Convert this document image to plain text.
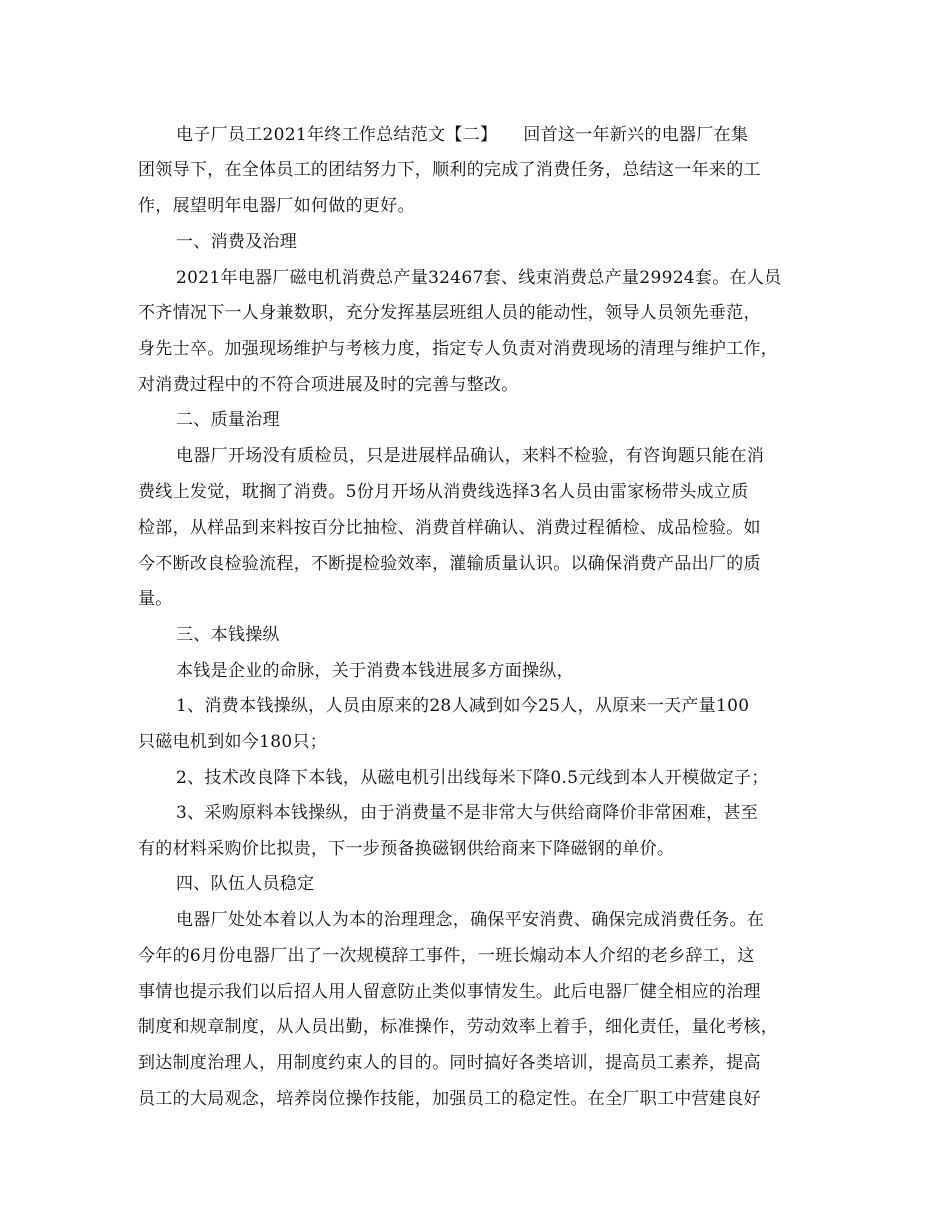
电子厂员工2021年终工作总结范文【二】　　回首这一年新兴的电器厂在集
团领导下，在全体员工的团结努力下，顺利的完成了消费任务，总结这一年来的工
作，展望明年电器厂如何做的更好。
一、消费及治理
2021年电器厂磁电机消费总产量32467套、线束消费总产量29924套。在人员
不齐情况下一人身兼数职，充分发挥基层班组人员的能动性，领导人员领先垂范，
身先士卒。加强现场维护与考核力度，指定专人负责对消费现场的清理与维护工作，
对消费过程中的不符合项进展及时的完善与整改。
二、质量治理
电器厂开场没有质检员，只是进展样品确认，来料不检验，有咨询题只能在消
费线上发觉，耽搁了消费。5份月开场从消费线选择3名人员由雷家杨带头成立质
检部，从样品到来料按百分比抽检、消费首样确认、消费过程循检、成品检验。如
今不断改良检验流程，不断提检验效率，灌输质量认识。以确保消费产品出厂的质
量。
三、本钱操纵
本钱是企业的命脉，关于消费本钱进展多方面操纵，
1、消费本钱操纵，人员由原来的28人减到如今25人，从原来一天产量100
只磁电机到如今180只；
2、技术改良降下本钱，从磁电机引出线每米下降0.5元线到本人开模做定子；
3、采购原料本钱操纵，由于消费量不是非常大与供给商降价非常困难，甚至
有的材料采购价比拟贵，下一步预备换磁钢供给商来下降磁钢的单价。
四、队伍人员稳定
电器厂处处本着以人为本的治理理念，确保平安消费、确保完成消费任务。在
今年的6月份电器厂出了一次规模辞工事件，一班长煽动本人介绍的老乡辞工，这
事情也提示我们以后招人用人留意防止类似事情发生。此后电器厂健全相应的治理
制度和规章制度，从人员出勤，标准操作，劳动效率上着手，细化责任，量化考核，
到达制度治理人，用制度约束人的目的。同时搞好各类培训，提高员工素养，提高
员工的大局观念，培养岗位操作技能，加强员工的稳定性。在全厂职工中营建良好
